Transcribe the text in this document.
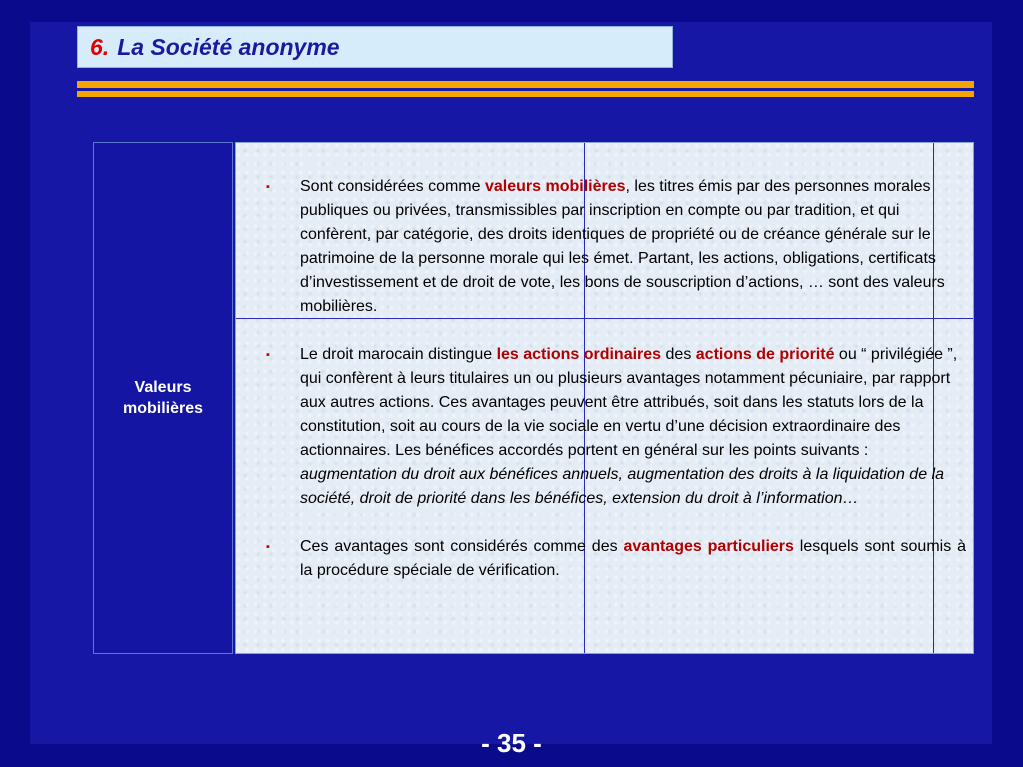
6. La Société anonyme
Valeurs
mobilières
▪	Sont considérées comme valeurs mobilières, les titres émis par des personnes morales publiques ou privées, transmissibles par inscription en compte ou par tradition, et qui confèrent, par catégorie, des droits identiques de propriété ou de créance générale sur le patrimoine de la personne morale qui les émet. Partant, les actions, obligations, certificats d’investissement et de droit de vote, les bons de souscription d’actions, … sont des valeurs mobilières.
▪	Le droit marocain distingue les actions ordinaires des actions de priorité ou “ privilégiée ”, qui confèrent à leurs titulaires un ou plusieurs avantages notamment pécuniaire, par rapport aux autres actions. Ces avantages peuvent être attribués, soit dans les statuts lors de la constitution, soit au cours de la vie sociale en vertu d’une décision extraordinaire des actionnaires. Les bénéfices accordés portent en général sur les points suivants : augmentation du droit aux bénéfices annuels, augmentation des droits à la liquidation de la société, droit de priorité dans les bénéfices, extension du droit à l’information…
▪	Ces avantages sont considérés comme des avantages particuliers lesquels sont soumis à la procédure spéciale de vérification.
- 35 -
